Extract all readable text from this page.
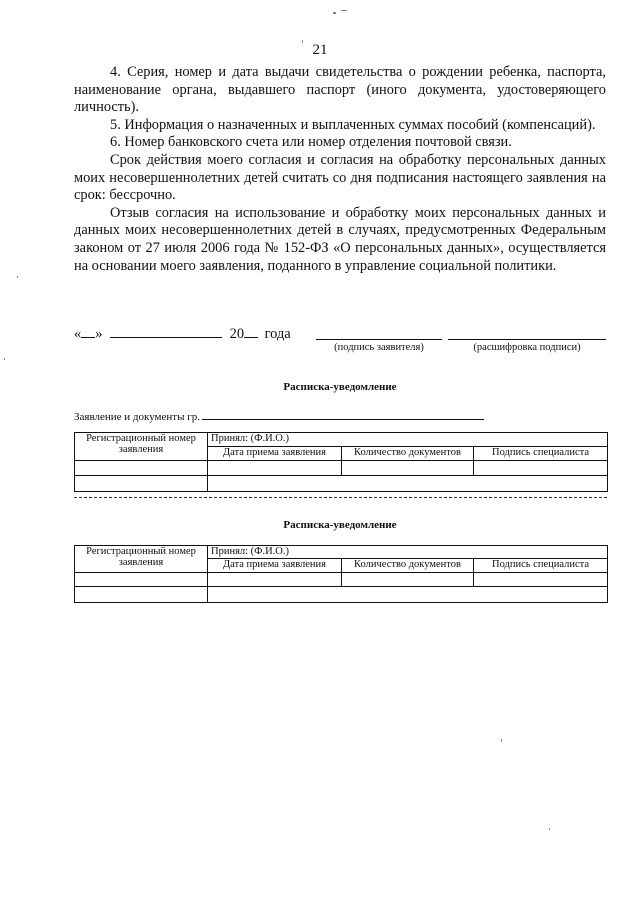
21

4. Серия, номер и дата выдачи свидетельства о рождении ребенка, паспорта, наименование органа, выдавшего паспорт (иного документа, удостоверяющего личность).

5. Информация о назначенных и выплаченных суммах пособий (компенсаций).

6. Номер банковского счета или номер отделения почтовой связи.

Срок действия моего согласия и согласия на обработку персональных данных моих несовершеннолетних детей считать со дня подписания настоящего заявления на срок: бессрочно.

Отзыв согласия на использование и обработку моих персональных данных и данных моих несовершеннолетних детей в случаях, предусмотренных Федеральным законом от 27 июля 2006 года № 152-ФЗ «О персональных данных», осуществляется на основании моего заявления, поданного в управление социальной политики.

« »	20 года
(подпись заявителя)	(расшифровка подписи)
Расписка-уведомление
Заявление и документы гр.
Регистрационный номер заявления	Принял: (Ф.И.О.)		
	Дата приема заявления	Количество документов	Подпись специалиста

Расписка-уведомление
Регистрационный номер заявления	Принял: (Ф.И.О.)		
	Дата приема заявления	Количество документов	Подпись специалиста
